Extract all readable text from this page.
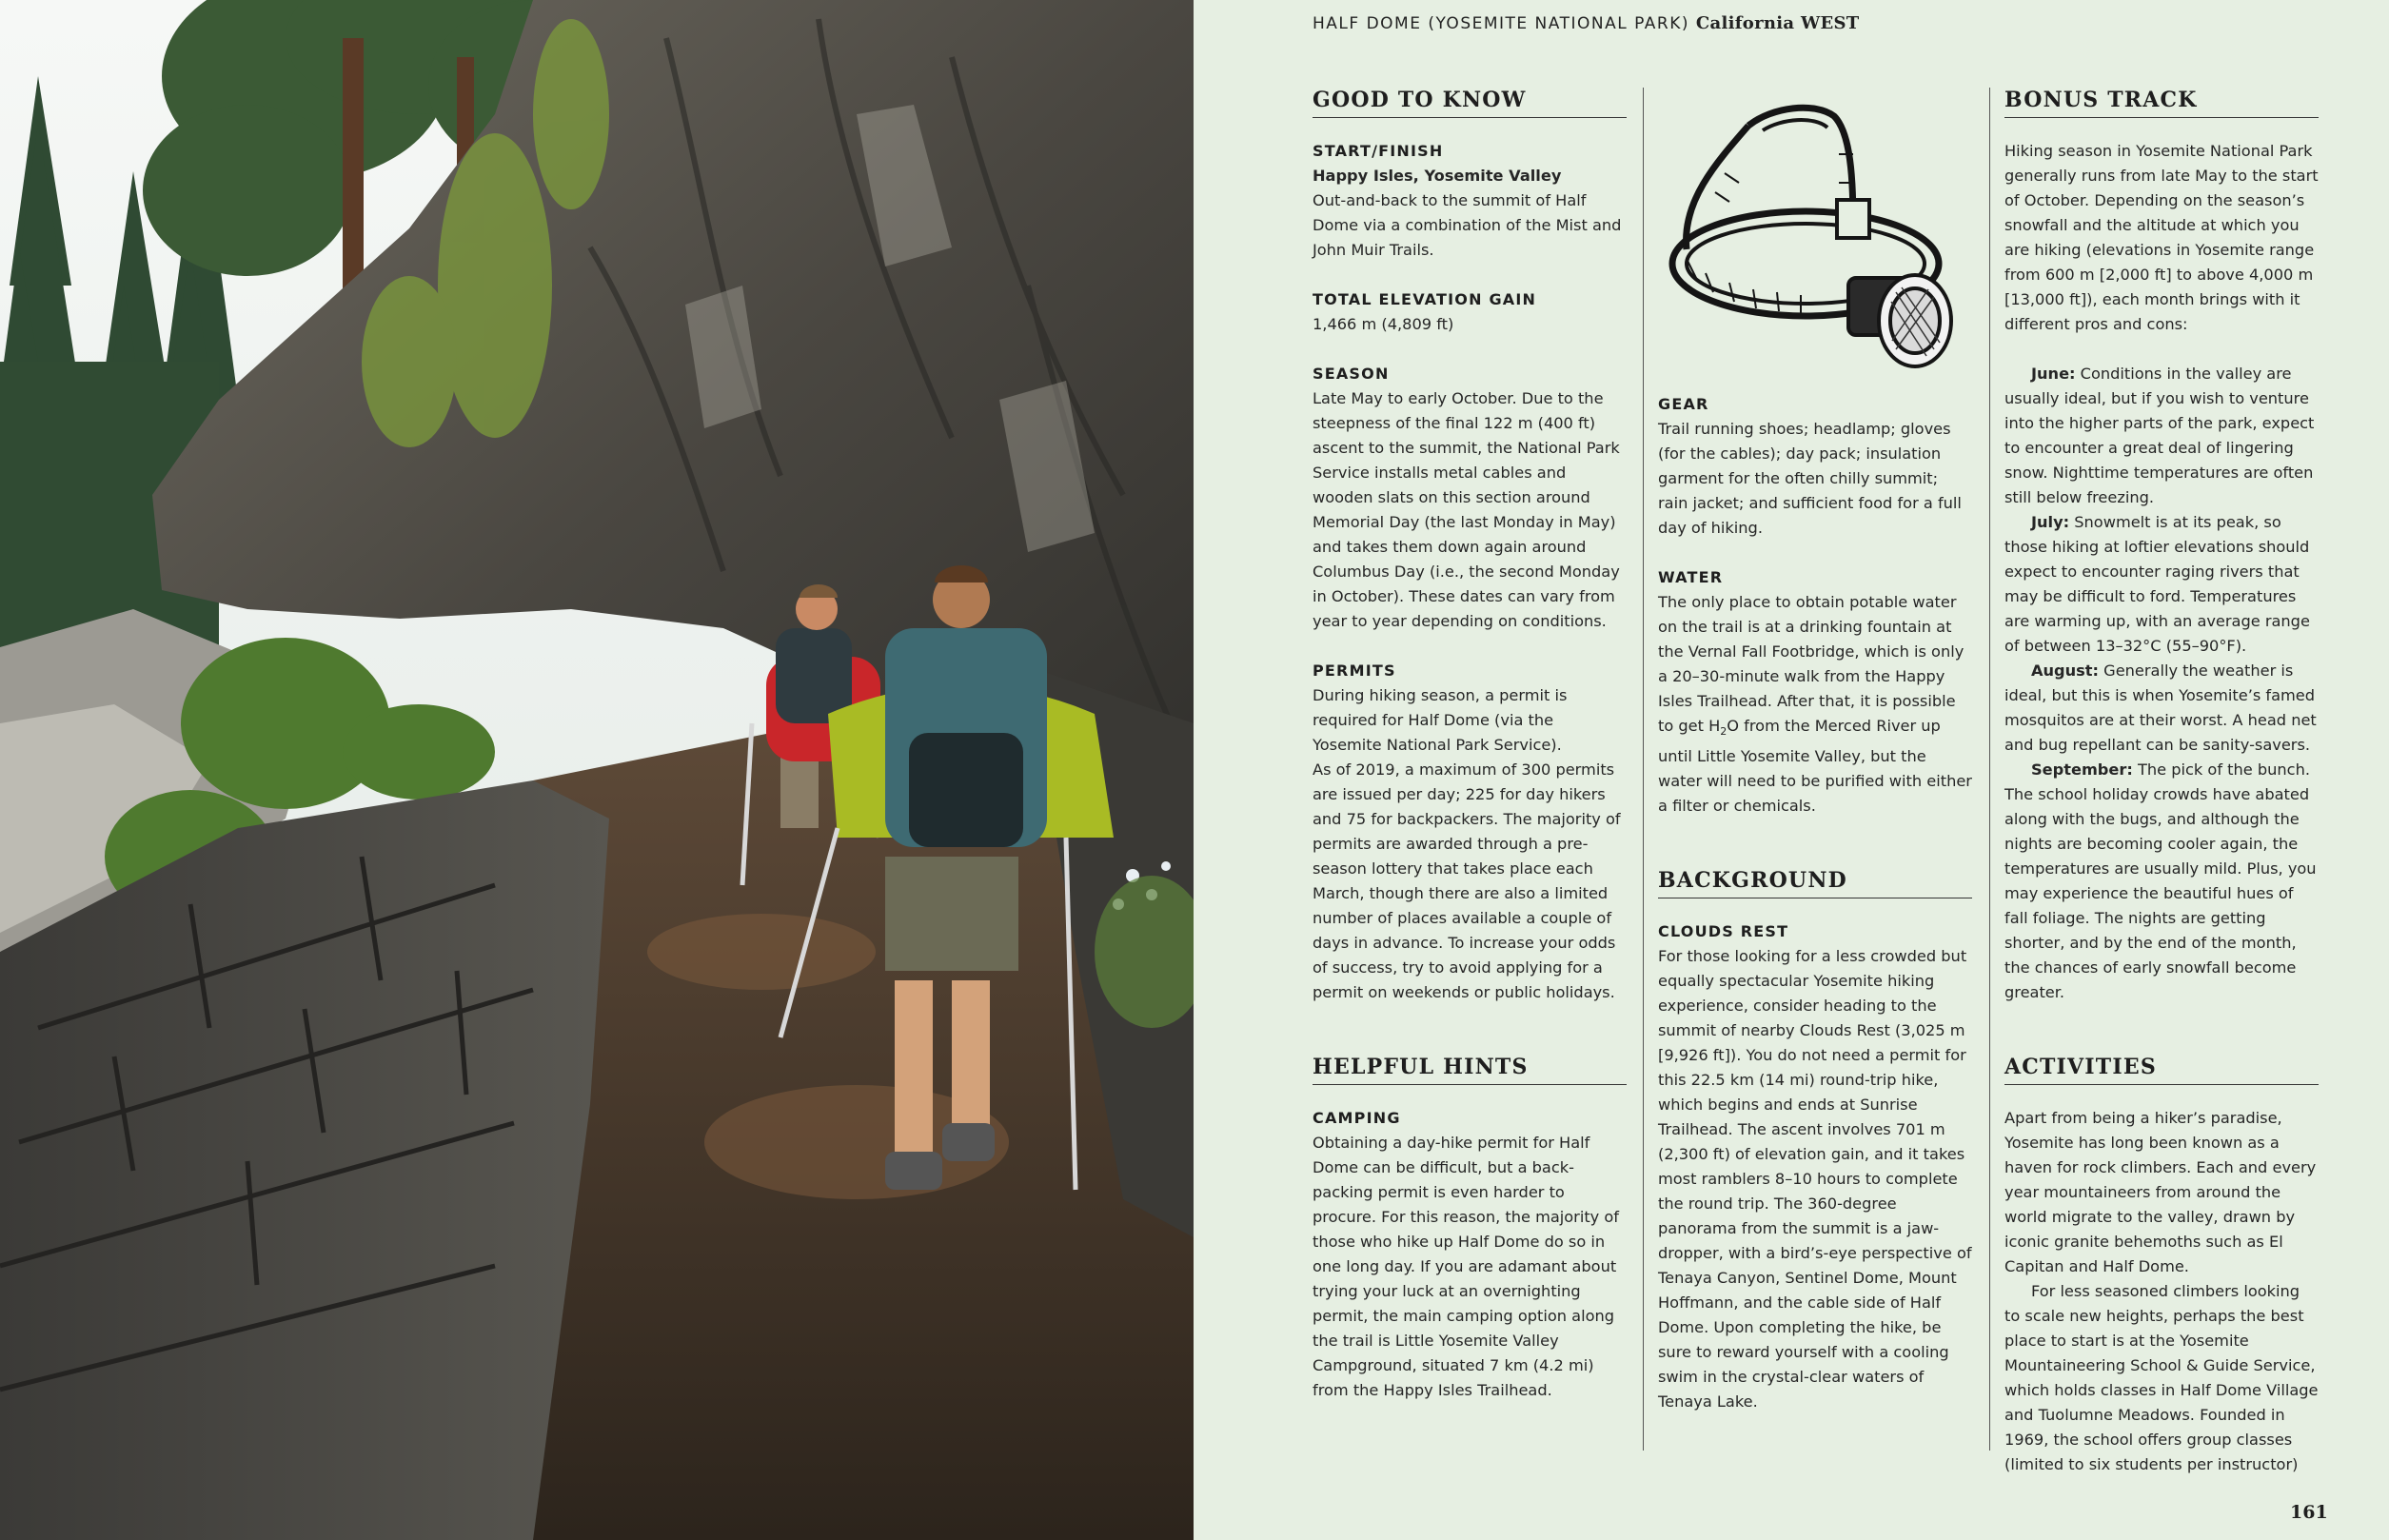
HALF DOME (YOSEMITE NATIONAL PARK) California WEST
GOOD TO KNOW
START/FINISH

Happy Isles, Yosemite Valley

Out-and-back to the summit of Half Dome via a combination of the Mist and John Muir Trails.

TOTAL ELEVATION GAIN

1,466 m (4,809 ft)

SEASON

Late May to early October. Due to the steepness of the final 122 m (400 ft) ascent to the summit, the National Park Service installs metal cables and wooden slats on this section around Memorial Day (the last Monday in May) and takes them down again around Columbus Day (i.e., the second Monday in October). These dates can vary from year to year depending on conditions.

PERMITS

During hiking season, a permit is required for Half Dome (via the Yosemite National Park Service).

As of 2019, a maximum of 300 permits are issued per day; 225 for day hikers and 75 for backpackers. The majority of permits are awarded through a pre-season lottery that takes place each March, though there are also a limited number of places available a couple of days in advance. To increase your odds of success, try to avoid applying for a permit on weekends or public holidays.

HELPFUL HINTS
CAMPING

Obtaining a day-hike permit for Half Dome can be difficult, but a back-packing permit is even harder to procure. For this reason, the majority of those who hike up Half Dome do so in one long day. If you are adamant about trying your luck at an overnighting permit, the main camping option along the trail is Little Yosemite Valley Campground, situated 7 km (4.2 mi) from the Happy Isles Trailhead.

GEAR

Trail running shoes; headlamp; gloves (for the cables); day pack; insulation garment for the often chilly summit; rain jacket; and sufficient food for a full day of hiking.

WATER

The only place to obtain potable water on the trail is at a drinking fountain at the Vernal Fall Footbridge, which is only a 20–30-minute walk from the Happy Isles Trailhead. After that, it is possible to get $H_2O$ from the Merced River up until Little Yosemite Valley, but the water will need to be purified with either a filter or chemicals.

BACKGROUND
CLOUDS REST

For those looking for a less crowded but equally spectacular Yosemite hiking experience, consider heading to the summit of nearby Clouds Rest (3,025 m [9,926 ft]). You do not need a permit for this 22.5 km (14 mi) round-trip hike, which begins and ends at Sunrise Trailhead. The ascent involves 701 m (2,300 ft) of elevation gain, and it takes most ramblers 8–10 hours to complete the round trip. The 360-degree panorama from the summit is a jaw-dropper, with a bird’s-eye perspective of Tenaya Canyon, Sentinel Dome, Mount Hoffmann, and the cable side of Half Dome. Upon completing the hike, be sure to reward yourself with a cooling swim in the crystal-clear waters of Tenaya Lake.

BONUS TRACK

Hiking season in Yosemite National Park generally runs from late May to the start of October. Depending on the season’s snowfall and the altitude at which you are hiking (elevations in Yosemite range from 600 m [2,000 ft] to above 4,000 m [13,000 ft]), each month brings with it different pros and cons:

June: Conditions in the valley are usually ideal, but if you wish to venture into the higher parts of the park, expect to encounter a great deal of lingering snow. Nighttime temperatures are often still below freezing.

July: Snowmelt is at its peak, so those hiking at loftier elevations should expect to encounter raging rivers that may be difficult to ford. Temperatures are warming up, with an average range of between 13–32°C (55–90°F).

August: Generally the weather is ideal, but this is when Yosemite’s famed mosquitos are at their worst. A head net and bug repellant can be sanity-savers.

September: The pick of the bunch. The school holiday crowds have abated along with the bugs, and although the nights are becoming cooler again, the temperatures are usually mild. Plus, you may experience the beautiful hues of fall foliage. The nights are getting shorter, and by the end of the month, the chances of early snowfall become greater.

ACTIVITIES

Apart from being a hiker’s paradise, Yosemite has long been known as a haven for rock climbers. Each and every year mountaineers from around the world migrate to the valley, drawn by iconic granite behemoths such as El Capitan and Half Dome.

For less seasoned climbers looking to scale new heights, perhaps the best place to start is at the Yosemite Mountaineering School & Guide Service, which holds classes in Half Dome Village and Tuolumne Meadows. Founded in 1969, the school offers group classes (limited to six students per instructor)

161
